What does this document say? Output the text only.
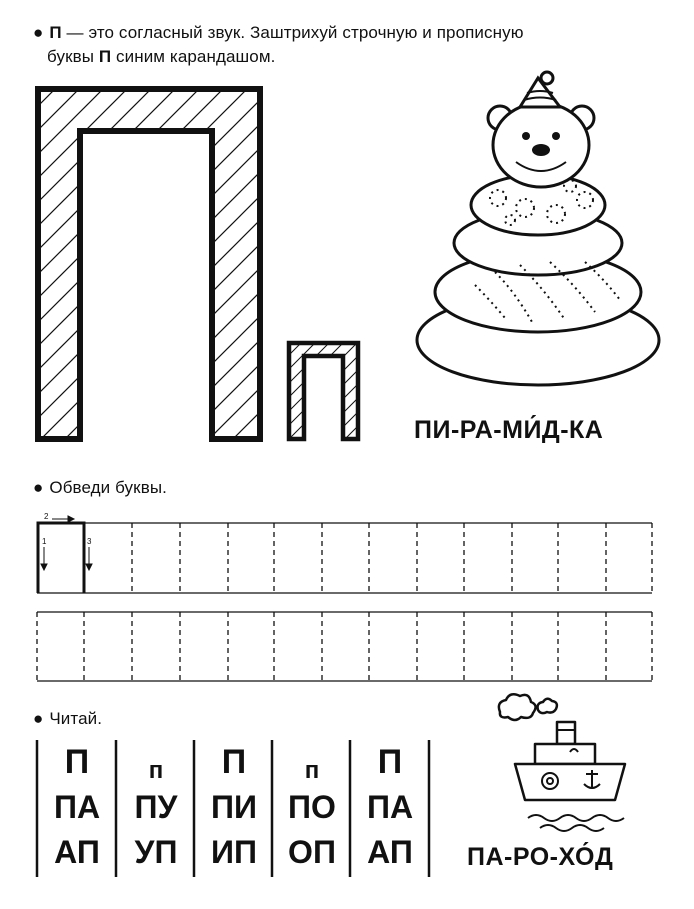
● П — это согласный звук. Заштрихуй строчную и прописную
буквы П синим карандашом.
ПИ-РА-МИ́Д-КА
● Обведи буквы.
1
2
3
● Читай.
П	п	П	п	П
ПА	ПУ	ПИ ПО ПА
АП	УП	ИП ОП АП	ПА-РО-ХО́Д
